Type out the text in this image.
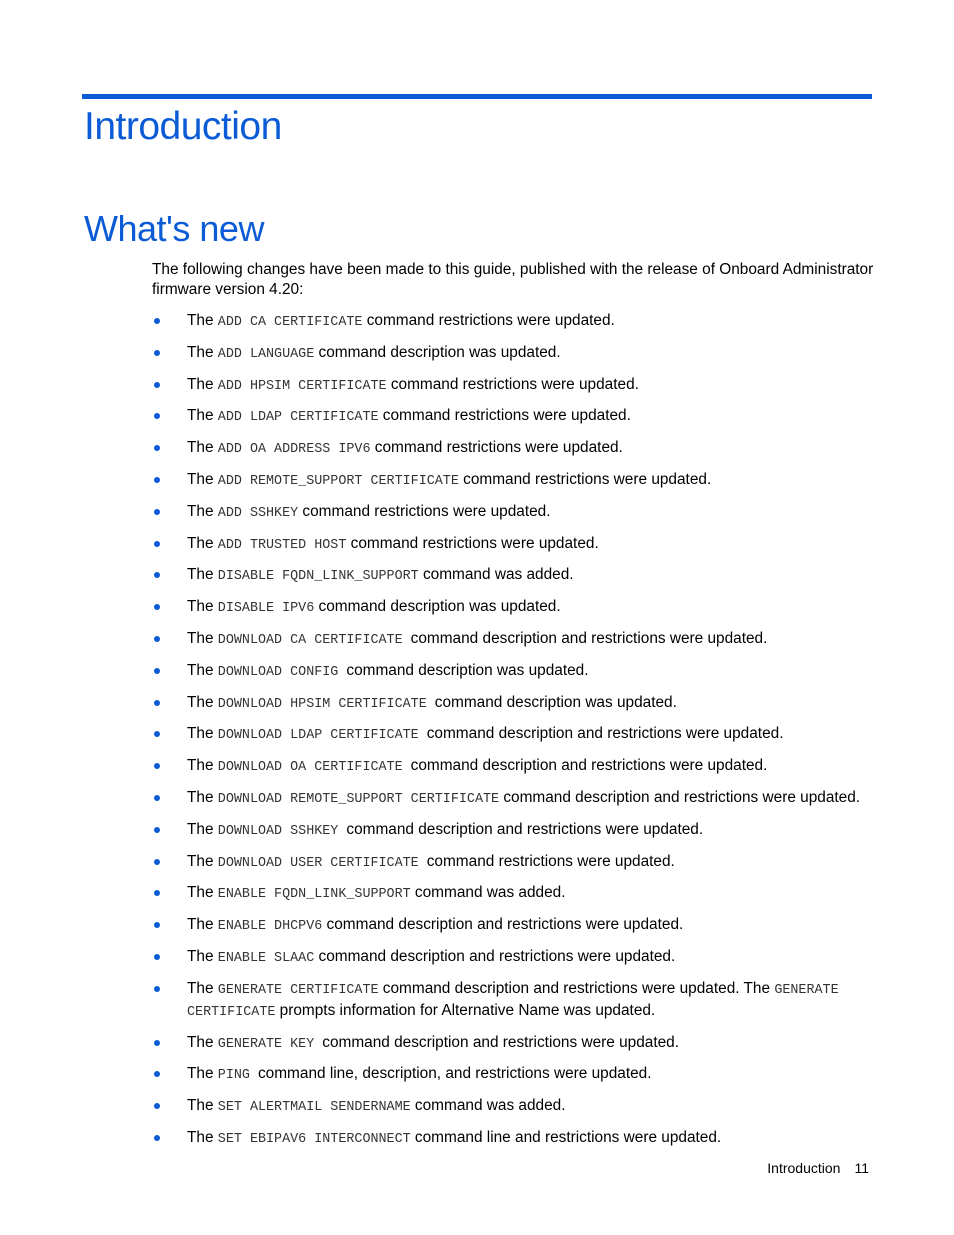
Introduction
What's new

The following changes have been made to this guide, published with the release of Onboard Administrator firmware version 4.20:

The ADD CA CERTIFICATE command restrictions were updated.
The ADD LANGUAGE command description was updated.
The ADD HPSIM CERTIFICATE command restrictions were updated.
The ADD LDAP CERTIFICATE command restrictions were updated.
The ADD OA ADDRESS IPV6 command restrictions were updated.
The ADD REMOTE_SUPPORT CERTIFICATE command restrictions were updated.
The ADD SSHKEY command restrictions were updated.
The ADD TRUSTED HOST command restrictions were updated.
The DISABLE FQDN_LINK_SUPPORT command was added.
The DISABLE IPV6 command description was updated.
The DOWNLOAD CA CERTIFICATE command description and restrictions were updated.
The DOWNLOAD CONFIG command description was updated.
The DOWNLOAD HPSIM CERTIFICATE command description was updated.
The DOWNLOAD LDAP CERTIFICATE command description and restrictions were updated.
The DOWNLOAD OA CERTIFICATE command description and restrictions were updated.
The DOWNLOAD REMOTE_SUPPORT CERTIFICATE command description and restrictions were updated.
The DOWNLOAD SSHKEY command description and restrictions were updated.
The DOWNLOAD USER CERTIFICATE command restrictions were updated.
The ENABLE FQDN_LINK_SUPPORT command was added.
The ENABLE DHCPV6 command description and restrictions were updated.
The ENABLE SLAAC command description and restrictions were updated.
The GENERATE CERTIFICATE command description and restrictions were updated. The GENERATE CERTIFICATE prompts information for Alternative Name was updated.
The GENERATE KEY command description and restrictions were updated.
The PING command line, description, and restrictions were updated.
The SET ALERTMAIL SENDERNAME command was added.
The SET EBIPAV6 INTERCONNECT command line and restrictions were updated.
Introduction 11
